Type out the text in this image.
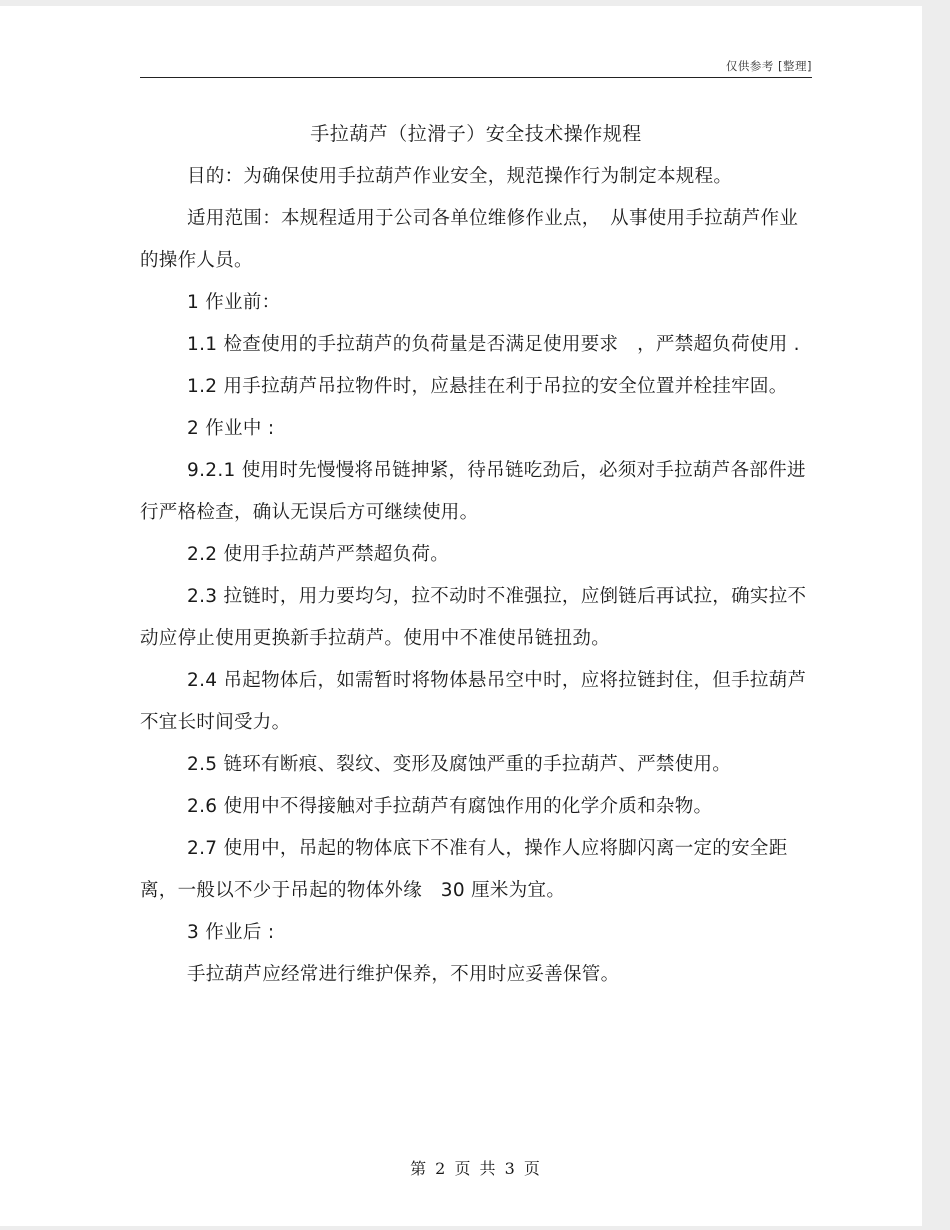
仅供参考 [整理]
手拉葫芦（拉滑子）安全技术操作规程

目的：为确保使用手拉葫芦作业安全，规范操作行为制定本规程。

适用范围：本规程适用于公司各单位维修作业点，　从事使用手拉葫芦作业的操作人员。

1 作业前：

1.1 检查使用的手拉葫芦的负荷量是否满足使用要求　，严禁超负荷使用 .

1.2 用手拉葫芦吊拉物件时，应悬挂在利于吊拉的安全位置并栓挂牢固。

2 作业中 :

9.2.1 使用时先慢慢将吊链抻紧，待吊链吃劲后，必须对手拉葫芦各部件进行严格检查，确认无误后方可继续使用。

2.2 使用手拉葫芦严禁超负荷。

2.3 拉链时，用力要均匀，拉不动时不准强拉，应倒链后再试拉，确实拉不动应停止使用更换新手拉葫芦。使用中不准使吊链扭劲。

2.4 吊起物体后，如需暂时将物体悬吊空中时，应将拉链封住，但手拉葫芦不宜长时间受力。

2.5 链环有断痕、裂纹、变形及腐蚀严重的手拉葫芦、严禁使用。

2.6 使用中不得接触对手拉葫芦有腐蚀作用的化学介质和杂物。

2.7 使用中，吊起的物体底下不准有人，操作人应将脚闪离一定的安全距离，一般以不少于吊起的物体外缘　30 厘米为宜。

3 作业后 :

手拉葫芦应经常进行维护保养，不用时应妥善保管。

第 2 页 共 3 页
